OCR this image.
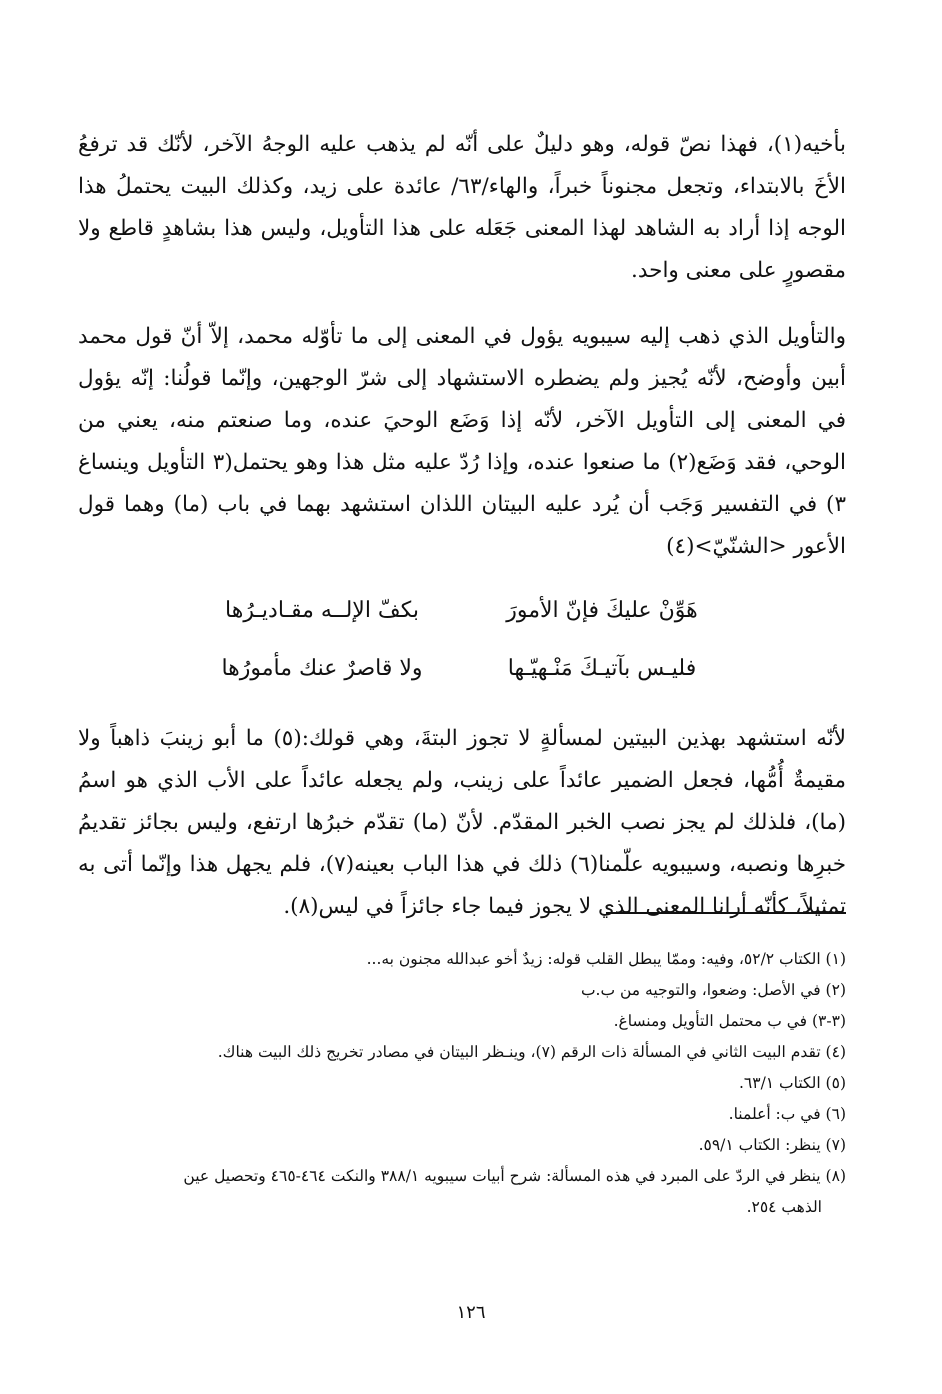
بأخيه(١)، فهذا نصّ قوله، وهو دليلٌ على أنّه لم يذهب عليه الوجهُ الآخر، لأنّك قد ترفعُ الأخَ بالابتداء، وتجعل مجنوناً خبراً، والهاء/٦٣/ عائدة على زيد، وكذلك البيت يحتملُ هذا الوجه إذا أراد به الشاهد لهذا المعنى جَعَله على هذا التأويل، وليس هذا بشاهدٍ قاطع ولا مقصورٍ على معنى واحد.

والتأويل الذي ذهب إليه سيبويه يؤول في المعنى إلى ما تأوّله محمد، إلاّ أنّ قول محمد أبين وأوضح، لأنّه يُجيز ولم يضطره الاستشهاد إلى شرّ الوجهين، وإنّما قولُنا: إنّه يؤول في المعنى إلى التأويل الآخر، لأنّه إذا وَضَع الوحيَ عنده، وما صنعتم منه، يعني من الوحي، فقد وَضَع(٢) ما صنعوا عنده، وإذا رُدّ عليه مثل هذا وهو يحتمل(٣ التأويل وينساغ ٣) في التفسير وَجَب أن يُرد عليه البيتان اللذان استشهد بهما في باب (ما) وهما قول الأعور <الشنّيّ>(٤)

هَوِّنْ عليكَ فإنّ الأمورَ
بكفّ الإلــه مقـاديـرُها
فليـس بآتيـكَ مَنْـهيّـها
ولا قاصرٌ عنك مأمورُها

لأنّه استشهد بهذين البيتين لمسألةٍ لا تجوز البتةَ، وهي قولك:(٥) ما أبو زينبَ ذاهباً ولا مقيمةٌ أُمُّها، فجعل الضمير عائداً على زينب، ولم يجعله عائداً على الأب الذي هو اسمُ (ما)، فلذلك لم يجز نصب الخبر المقدّم. لأنّ (ما) تقدّم خبرُها ارتفع، وليس بجائز تقديمُ خبرِها ونصبه، وسيبويه علّمنا(٦) ذلك في هذا الباب بعينه(٧)، فلم يجهل هذا وإنّما أتى به تمثيلاً، كأنّه أرانا المعنى الذي لا يجوز فيما جاء جائزاً في ليس(٨).

(١) الكتاب ٥٢/٢، وفيه: وممّا يبطل القلب قوله: زيدٌ أخو عبدالله مجنون به...
(٢) في الأصل: وضعوا، والتوجيه من ب.ب
(٣-٣) في ب محتمل التأويل ومنساغ.
(٤) تقدم البيت الثاني في المسألة ذات الرقم (٧)، وينـظر البيتان في مصادر تخريج ذلك البيت هناك.
(٥) الكتاب ٦٣/١.
(٦) في ب: أعلمنا.
(٧) ينظر: الكتاب ٥٩/١.
(٨) ينظر في الردّ على المبرد في هذه المسألة: شرح أبيات سيبويه ٣٨٨/١ والنكت ٤٦٤-٤٦٥ وتحصيل عين
الذهب ٢٥٤.
١٢٦
